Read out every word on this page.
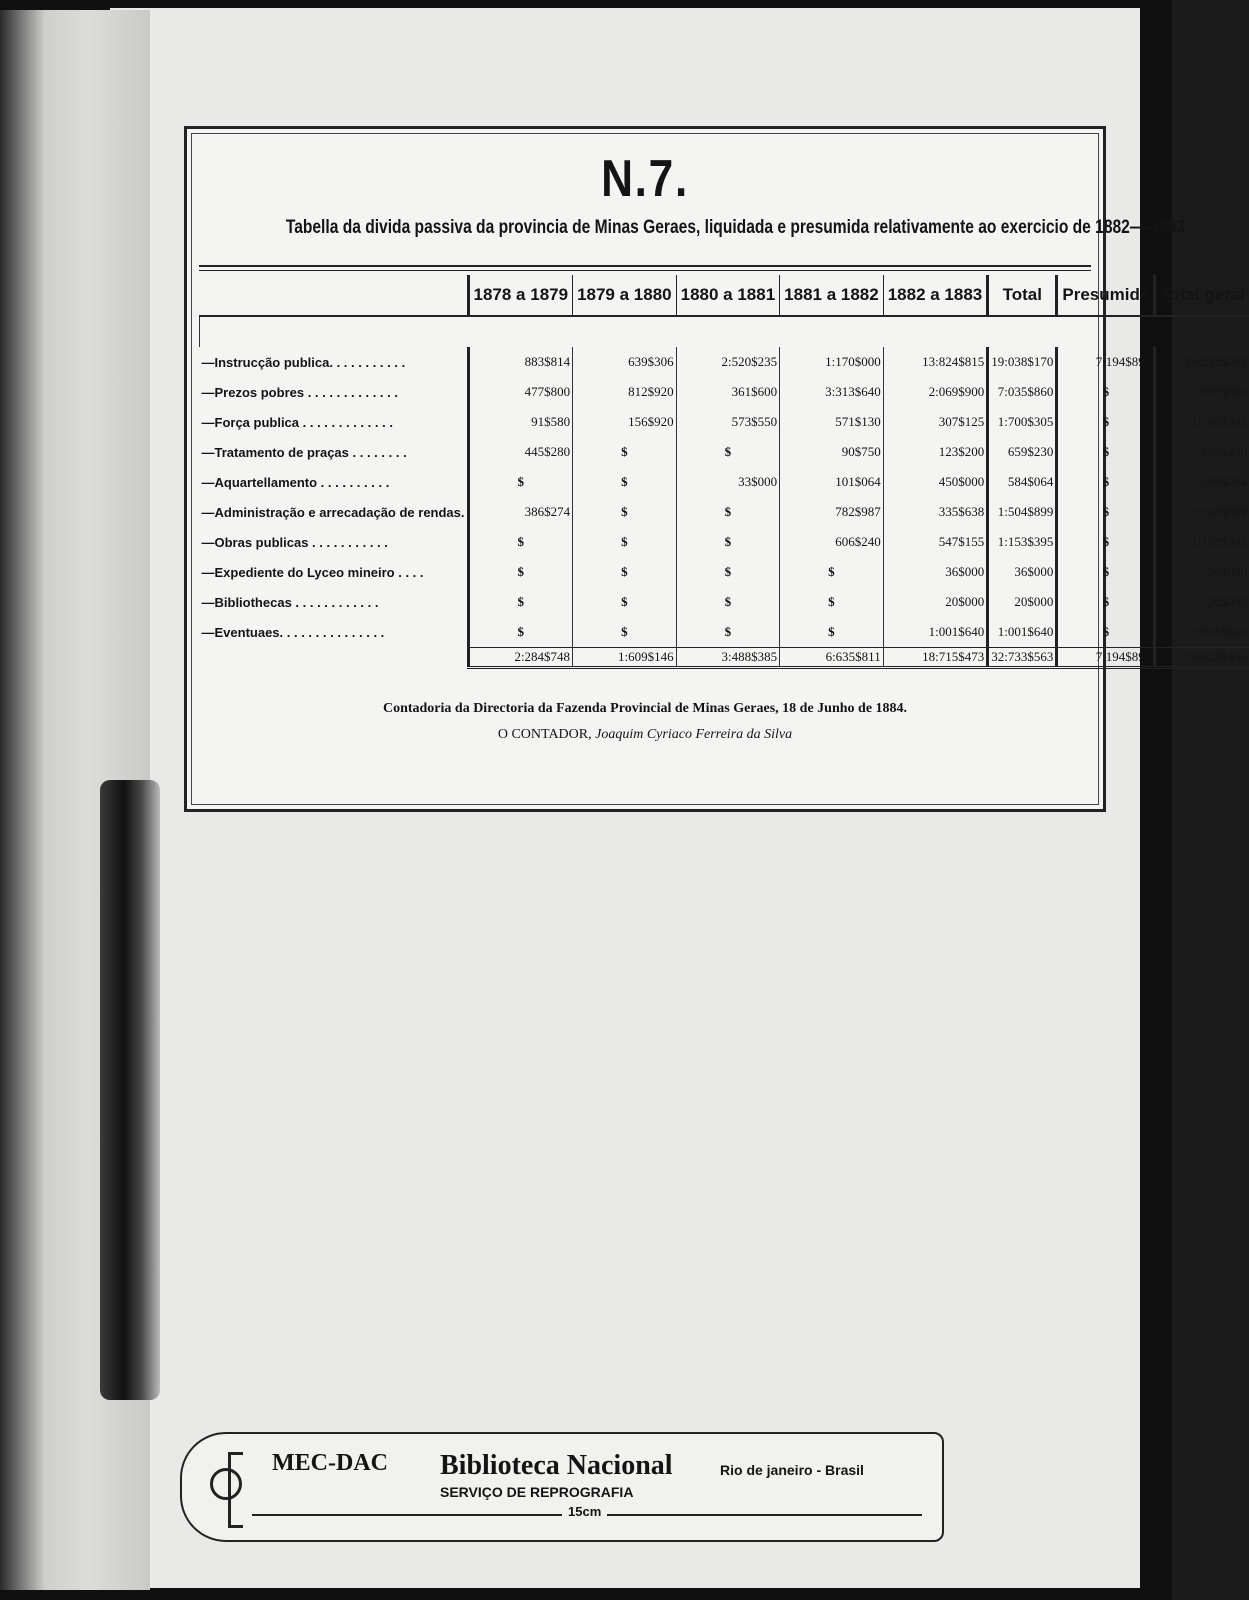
N.7.
Tabella da divida passiva da provincia de Minas Geraes, liquidada e presumida relativamente ao exercicio de 1882—-1883
	1878 a 1879	1879 a 1880	1880 a 1881	1881 a 1882	1882 a 1883	Total	Presumida	Total geral

—Instrucção publica. . . . . . . . . . .	883$814	639$306	2:520$235	1:170$000	13:824$815	19:038$170	7:194$893	26:233$063
—Prezos pobres . . . . . . . . . . . . .	477$800	812$920	361$600	3:313$640	2:069$900	7:035$860	$	7:035$860
—Força publica . . . . . . . . . . . . .	91$580	156$920	573$550	571$130	307$125	1:700$305	$	1:700$305
—Tratamento de praças . . . . . . . .	445$280	$	$	90$750	123$200	659$230	$	659$230
—Aquartellamento . . . . . . . . . .	$	$	33$000	101$064	450$000	584$064	$	584$064
—Administração e arrecadação de rendas.	386$274	$	$	782$987	335$638	1:504$899	$	1:504$899
—Obras publicas . . . . . . . . . . .	$	$	$	606$240	547$155	1:153$395	$	1:153$395
—Expediente do Lyceo mineiro . . . .	$	$	$	$	36$000	36$000	$	36$000
—Bibliothecas . . . . . . . . . . . .	$	$	$	$	20$000	20$000	$	20$000
—Eventuaes. . . . . . . . . . . . . . .	$	$	$	$	1:001$640	1:001$640	$	1:001$640
	2:284$748	1:609$146	3:488$385	6:635$811	18:715$473	32:733$563	7:194$893	39:928$456
Contadoria da Directoria da Fazenda Provincial de Minas Geraes, 18 de Junho de 1884.
O CONTADOR, Joaquim Cyriaco Ferreira da Silva
MEC-DAC Biblioteca Nacional	Rio de janeiro - Brasil
SERVIÇO DE REPROGRAFIA
15cm
